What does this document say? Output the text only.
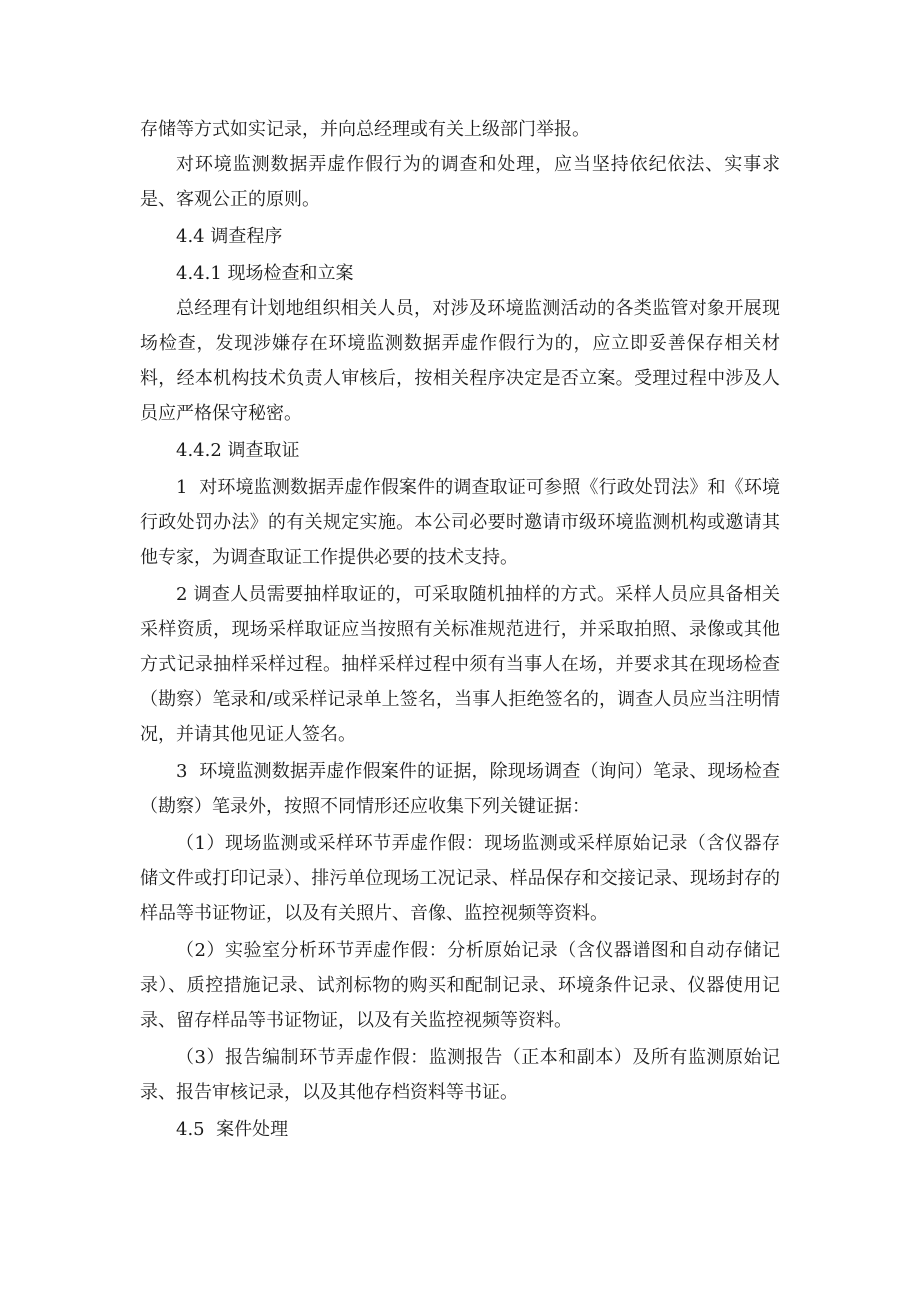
存储等方式如实记录，并向总经理或有关上级部门举报。

对环境监测数据弄虚作假行为的调查和处理，应当坚持依纪依法、实事求是、客观公正的原则。

4.4 调查程序

4.4.1 现场检查和立案

总经理有计划地组织相关人员，对涉及环境监测活动的各类监管对象开展现场检查，发现涉嫌存在环境监测数据弄虚作假行为的，应立即妥善保存相关材料，经本机构技术负责人审核后，按相关程序决定是否立案。受理过程中涉及人员应严格保守秘密。

4.4.2 调查取证

1  对环境监测数据弄虚作假案件的调查取证可参照《行政处罚法》和《环境行政处罚办法》的有关规定实施。本公司必要时邀请市级环境监测机构或邀请其他专家，为调查取证工作提供必要的技术支持。

2 调查人员需要抽样取证的，可采取随机抽样的方式。采样人员应具备相关采样资质，现场采样取证应当按照有关标准规范进行，并采取拍照、录像或其他方式记录抽样采样过程。抽样采样过程中须有当事人在场，并要求其在现场检查（勘察）笔录和/或采样记录单上签名，当事人拒绝签名的，调查人员应当注明情况，并请其他见证人签名。

3  环境监测数据弄虚作假案件的证据，除现场调查（询问）笔录、现场检查（勘察）笔录外，按照不同情形还应收集下列关键证据：

（1）现场监测或采样环节弄虚作假：现场监测或采样原始记录（含仪器存储文件或打印记录）、排污单位现场工况记录、样品保存和交接记录、现场封存的样品等书证物证，以及有关照片、音像、监控视频等资料。

（2）实验室分析环节弄虚作假：分析原始记录（含仪器谱图和自动存储记录）、质控措施记录、试剂标物的购买和配制记录、环境条件记录、仪器使用记录、留存样品等书证物证，以及有关监控视频等资料。

（3）报告编制环节弄虚作假：监测报告（正本和副本）及所有监测原始记录、报告审核记录，以及其他存档资料等书证。

4.5  案件处理
